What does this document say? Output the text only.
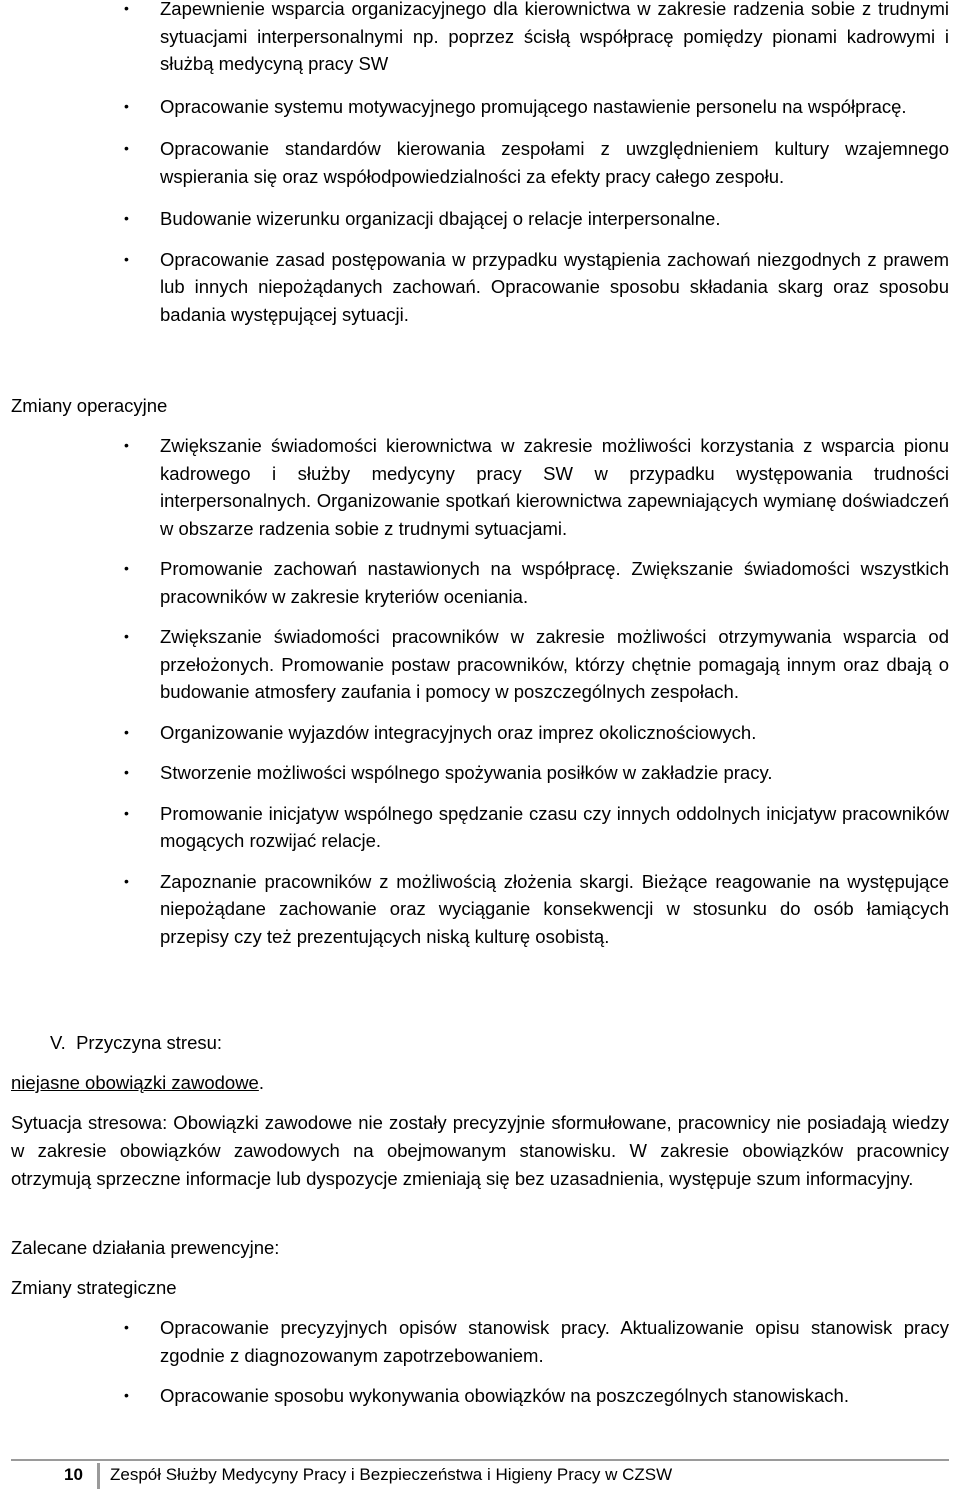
• Zapewnienie wsparcia organizacyjnego dla kierownictwa w zakresie radzenia sobie z trudnymi sytuacjami interpersonalnymi np. poprzez ścisłą współpracę pomiędzy pionami kadrowymi i służbą medycyną pracy SW
• Opracowanie systemu motywacyjnego promującego nastawienie personelu na współpracę.
• Opracowanie standardów kierowania zespołami z uwzględnieniem kultury wzajemnego wspierania się oraz współodpowiedzialności za efekty pracy całego zespołu.
• Budowanie wizerunku organizacji dbającej o relacje interpersonalne.
• Opracowanie zasad postępowania w przypadku wystąpienia zachowań niezgodnych z prawem lub innych niepożądanych zachowań. Opracowanie sposobu składania skarg oraz sposobu badania występującej sytuacji.
Zmiany operacyjne
• Zwiększanie świadomości kierownictwa w zakresie możliwości korzystania z wsparcia pionu kadrowego i służby medycyny pracy SW w przypadku występowania trudności interpersonalnych. Organizowanie spotkań kierownictwa zapewniających wymianę doświadczeń w obszarze radzenia sobie z trudnymi sytuacjami.
• Promowanie zachowań nastawionych na współpracę. Zwiększanie świadomości wszystkich pracowników w zakresie kryteriów oceniania.
• Zwiększanie świadomości pracowników w zakresie możliwości otrzymywania wsparcia od przełożonych. Promowanie postaw pracowników, którzy chętnie pomagają innym oraz dbają o budowanie atmosfery zaufania i pomocy w poszczególnych zespołach.
• Organizowanie wyjazdów integracyjnych oraz imprez okolicznościowych.
• Stworzenie możliwości wspólnego spożywania posiłków w zakładzie pracy.
• Promowanie inicjatyw wspólnego spędzanie czasu czy innych oddolnych inicjatyw pracowników mogących rozwijać relacje.
• Zapoznanie pracowników z możliwością złożenia skargi. Bieżące reagowanie na występujące niepożądane zachowanie oraz wyciąganie konsekwencji w stosunku do osób łamiących przepisy czy też prezentujących niską kulturę osobistą.
V. Przyczyna stresu:
niejasne obowiązki zawodowe.
Sytuacja stresowa: Obowiązki zawodowe nie zostały precyzyjnie sformułowane, pracownicy nie posiadają wiedzy w zakresie obowiązków zawodowych na obejmowanym stanowisku. W zakresie obowiązków pracownicy otrzymują sprzeczne informacje lub dyspozycje zmieniają się bez uzasadnienia, występuje szum informacyjny.
Zalecane działania prewencyjne:
Zmiany strategiczne
• Opracowanie precyzyjnych opisów stanowisk pracy. Aktualizowanie opisu stanowisk pracy zgodnie z diagnozowanym zapotrzebowaniem.
• Opracowanie sposobu wykonywania obowiązków na poszczególnych stanowiskach.
10	Zespół Służby Medycyny Pracy i Bezpieczeństwa i Higieny Pracy w CZSW
